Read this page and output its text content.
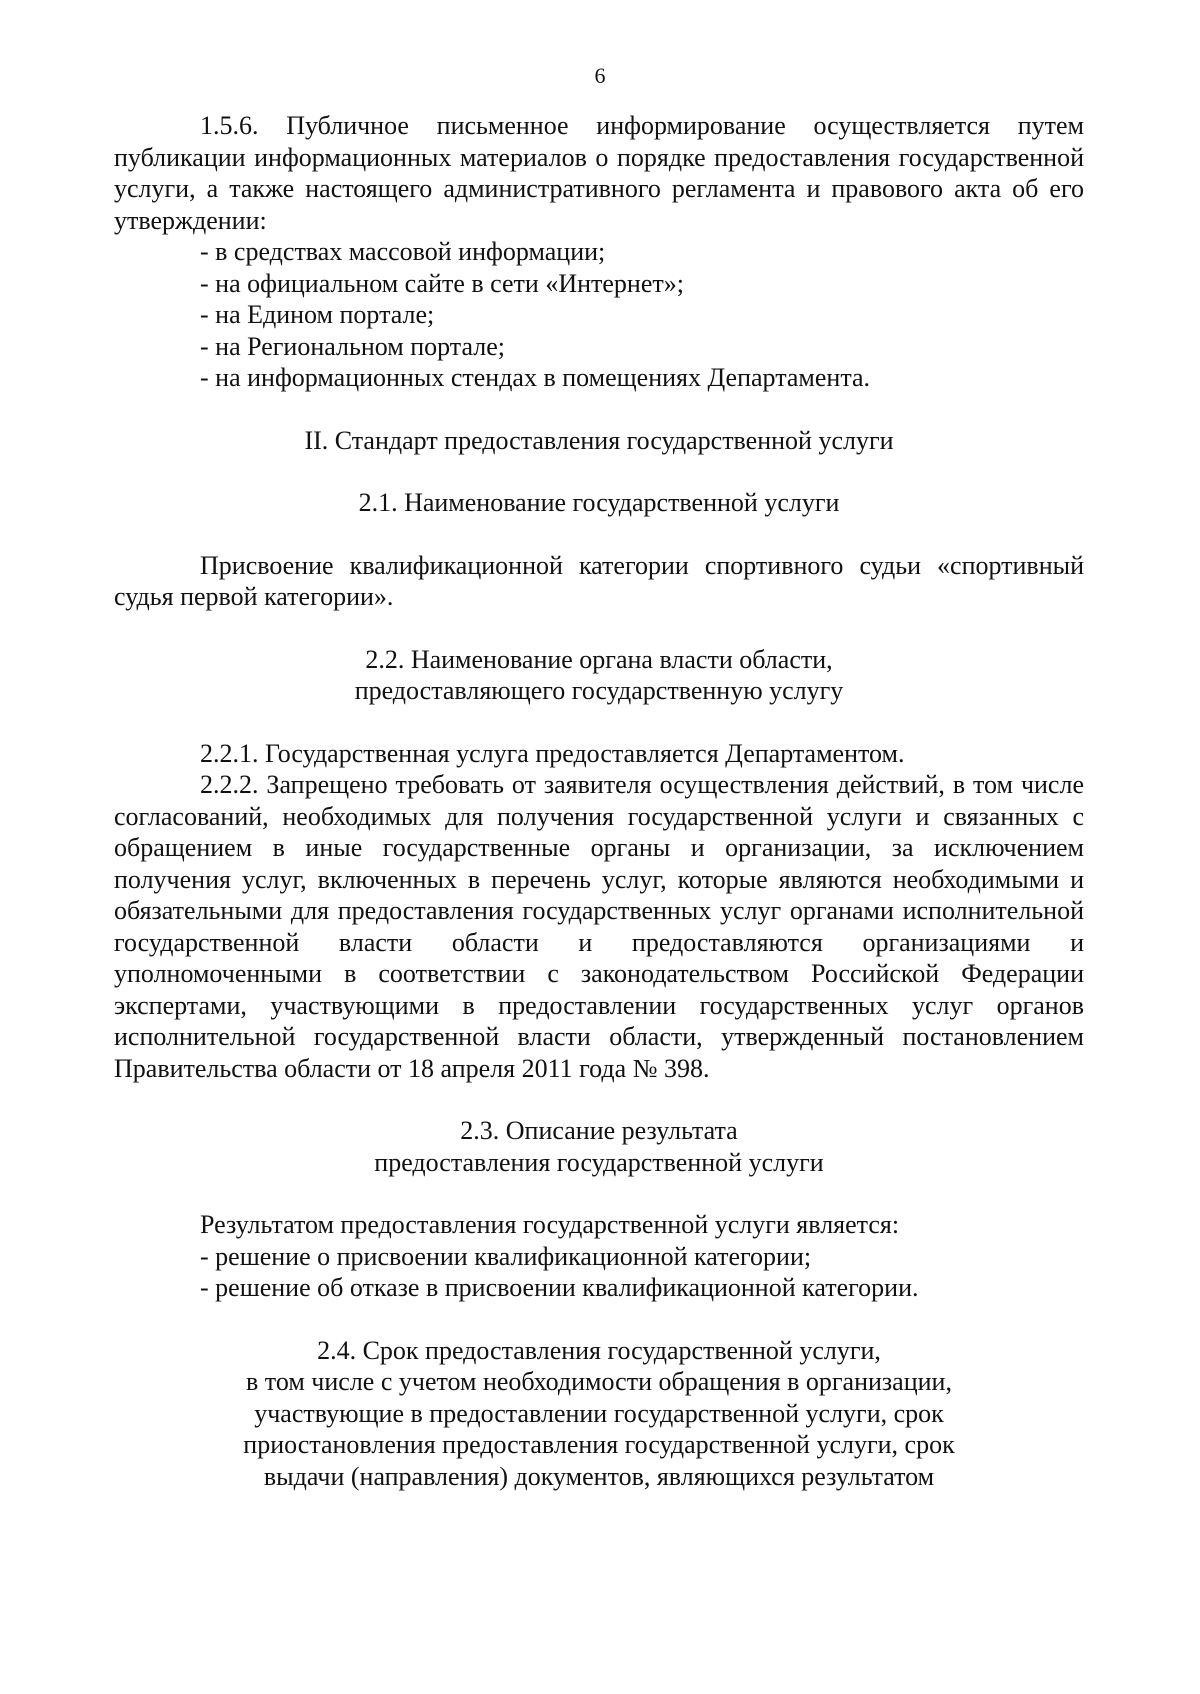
6

1.5.6. Публичное письменное информирование осуществляется путем публикации информационных материалов о порядке предоставления государственной услуги, а также настоящего административного регламента и правового акта об его утверждении:

- в средствах массовой информации;

- на официальном сайте в сети «Интернет»;

- на Едином портале;

- на Региональном портале;

- на информационных стендах в помещениях Департамента.

II. Стандарт предоставления государственной услуги

2.1. Наименование государственной услуги

Присвоение квалификационной категории спортивного судьи «спортивный судья первой категории».

2.2. Наименование органа власти области,

предоставляющего государственную услугу

2.2.1. Государственная услуга предоставляется Департаментом.

2.2.2. Запрещено требовать от заявителя осуществления действий, в том числе согласований, необходимых для получения государственной услуги и связанных с обращением в иные государственные органы и организации, за исключением получения услуг, включенных в перечень услуг, которые являются необходимыми и обязательными для предоставления государственных услуг органами исполнительной государственной власти области и предоставляются организациями и уполномоченными в соответствии с законодательством Российской Федерации экспертами, участвующими в предоставлении государственных услуг органов исполнительной государственной власти области, утвержденный постановлением Правительства области от 18 апреля 2011 года № 398.

2.3. Описание результата

предоставления государственной услуги

Результатом предоставления государственной услуги является:

- решение о присвоении квалификационной категории;

- решение об отказе в присвоении квалификационной категории.

2.4. Срок предоставления государственной услуги,

в том числе с учетом необходимости обращения в организации,

участвующие в предоставлении государственной услуги, срок

приостановления предоставления государственной услуги, срок

выдачи (направления) документов, являющихся результатом
